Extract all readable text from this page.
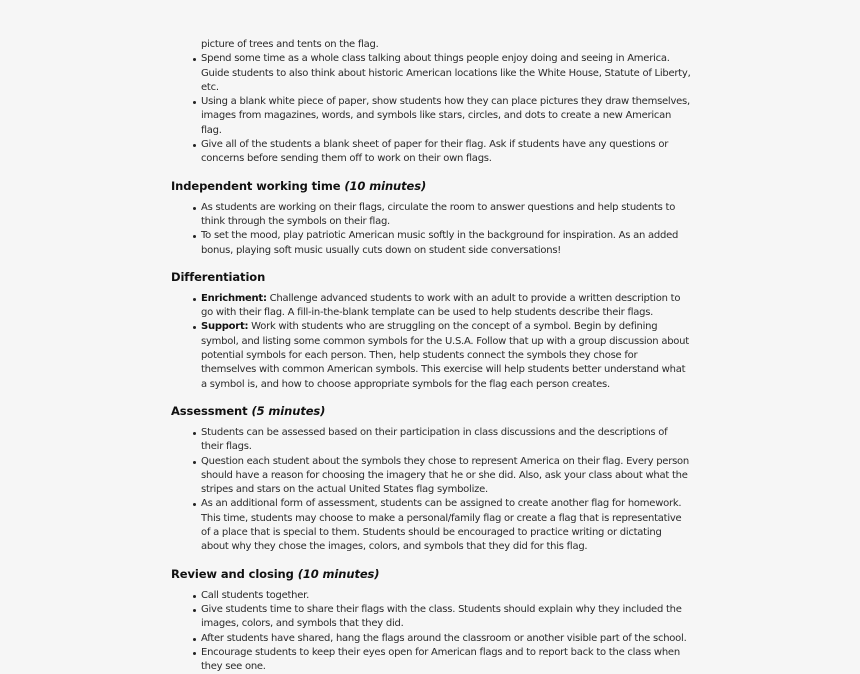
picture of trees and tents on the flag.

Spend some time as a whole class talking about things people enjoy doing and seeing in America. Guide students to also think about historic American locations like the White House, Statute of Liberty, etc.
Using a blank white piece of paper, show students how they can place pictures they draw themselves, images from magazines, words, and symbols like stars, circles, and dots to create a new American flag.
Give all of the students a blank sheet of paper for their flag. Ask if students have any questions or concerns before sending them off to work on their own flags.
Independent working time (10 minutes)
As students are working on their flags, circulate the room to answer questions and help students to think through the symbols on their flag.
To set the mood, play patriotic American music softly in the background for inspiration. As an added bonus, playing soft music usually cuts down on student side conversations!
Differentiation
Enrichment: Challenge advanced students to work with an adult to provide a written description to go with their flag. A fill-in-the-blank template can be used to help students describe their flags.
Support: Work with students who are struggling on the concept of a symbol. Begin by defining symbol, and listing some common symbols for the U.S.A. Follow that up with a group discussion about potential symbols for each person. Then, help students connect the symbols they chose for themselves with common American symbols. This exercise will help students better understand what a symbol is, and how to choose appropriate symbols for the flag each person creates.
Assessment (5 minutes)
Students can be assessed based on their participation in class discussions and the descriptions of their flags.
Question each student about the symbols they chose to represent America on their flag. Every person should have a reason for choosing the imagery that he or she did. Also, ask your class about what the stripes and stars on the actual United States flag symbolize.
As an additional form of assessment, students can be assigned to create another flag for homework. This time, students may choose to make a personal/family flag or create a flag that is representative of a place that is special to them. Students should be encouraged to practice writing or dictating about why they chose the images, colors, and symbols that they did for this flag.
Review and closing (10 minutes)
Call students together.
Give students time to share their flags with the class. Students should explain why they included the images, colors, and symbols that they did.
After students have shared, hang the flags around the classroom or another visible part of the school.
Encourage students to keep their eyes open for American flags and to report back to the class when they see one.
